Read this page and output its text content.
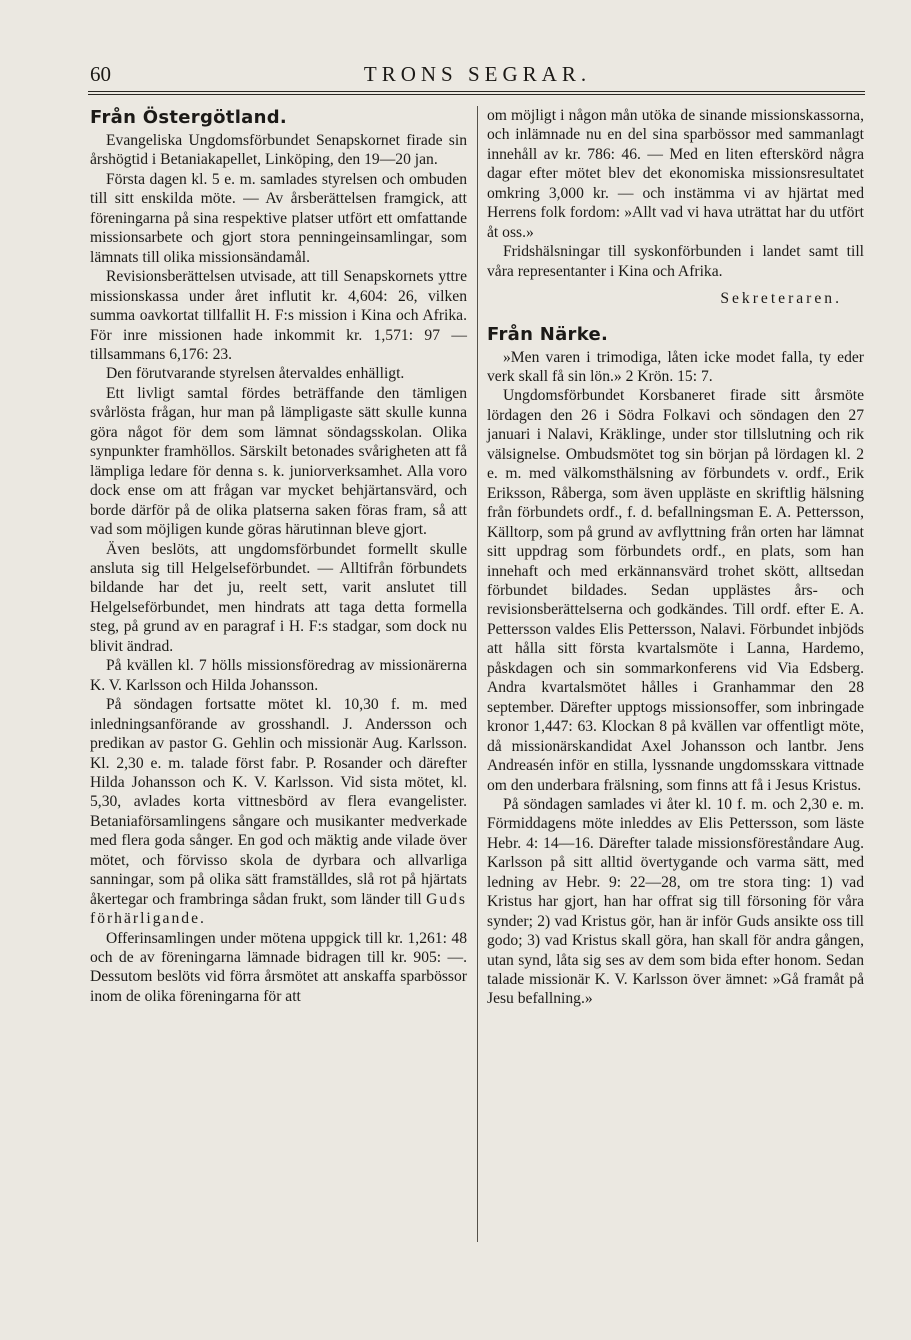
60	TRONS SEGRAR.
Från Östergötland.

Evangeliska Ungdomsförbundet Senapskornet firade sin årshögtid i Betaniakapellet, Linköping, den 19—20 jan.

Första dagen kl. 5 e. m. samlades styrelsen och ombuden till sitt enskilda möte. — Av årsberättelsen framgick, att föreningarna på sina respektive platser utfört ett omfattande missionsarbete och gjort stora penningeinsamlingar, som lämnats till olika missionsändamål.

Revisionsberättelsen utvisade, att till Senapskornets yttre missionskassa under året influtit kr. 4,604: 26, vilken summa oavkortat tillfallit H. F:s mission i Kina och Afrika. För inre missionen hade inkommit kr. 1,571: 97 — tillsammans 6,176: 23.

Den förutvarande styrelsen återvaldes enhälligt.

Ett livligt samtal fördes beträffande den tämligen svårlösta frågan, hur man på lämpligaste sätt skulle kunna göra något för dem som lämnat söndagsskolan. Olika synpunkter framhöllos. Särskilt betonades svårigheten att få lämpliga ledare för denna s. k. juniorverksamhet. Alla voro dock ense om att frågan var mycket behjärtansvärd, och borde därför på de olika platserna saken föras fram, så att vad som möjligen kunde göras härutinnan bleve gjort.

Även beslöts, att ungdomsförbundet formellt skulle ansluta sig till Helgelseförbundet. — Alltifrån förbundets bildande har det ju, reelt sett, varit anslutet till Helgelseförbundet, men hindrats att taga detta formella steg, på grund av en paragraf i H. F:s stadgar, som dock nu blivit ändrad.

På kvällen kl. 7 hölls missionsföredrag av missionärerna K. V. Karlsson och Hilda Johansson.

På söndagen fortsatte mötet kl. 10,30 f. m. med inledningsanförande av grosshandl. J. Andersson och predikan av pastor G. Gehlin och missionär Aug. Karlsson. Kl. 2,30 e. m. talade först fabr. P. Rosander och därefter Hilda Johansson och K. V. Karlsson. Vid sista mötet, kl. 5,30, avlades korta vittnesbörd av flera evangelister. Betaniaförsamlingens sångare och musikanter medverkade med flera goda sånger. En god och mäktig ande vilade över mötet, och förvisso skola de dyrbara och allvarliga sanningar, som på olika sätt framställdes, slå rot på hjärtats åkertegar och frambringa sådan frukt, som länder till Guds förhärligande.

Offerinsamlingen under mötena uppgick till kr. 1,261: 48 och de av föreningarna lämnade bidragen till kr. 905: —. Dessutom beslöts vid förra årsmötet att anskaffa sparbössor inom de olika föreningarna för att

om möjligt i någon mån utöka de sinande missionskassorna, och inlämnade nu en del sina sparbössor med sammanlagt innehåll av kr. 786: 46. — Med en liten efterskörd några dagar efter mötet blev det ekonomiska missionsresultatet omkring 3,000 kr. — och instämma vi av hjärtat med Herrens folk fordom: »Allt vad vi hava uträttat har du utfört åt oss.»

Fridshälsningar till syskonförbunden i landet samt till våra representanter i Kina och Afrika.

Sekreteraren.
Från Närke.

»Men varen i trimodiga, låten icke modet falla, ty eder verk skall få sin lön.» 2 Krön. 15: 7.

Ungdomsförbundet Korsbaneret firade sitt årsmöte lördagen den 26 i Södra Folkavi och söndagen den 27 januari i Nalavi, Kräklinge, under stor tillslutning och rik välsignelse. Ombudsmötet tog sin början på lördagen kl. 2 e. m. med välkomsthälsning av förbundets v. ordf., Erik Eriksson, Råberga, som även uppläste en skriftlig hälsning från förbundets ordf., f. d. befallningsman E. A. Pettersson, Källtorp, som på grund av avflyttning från orten har lämnat sitt uppdrag som förbundets ordf., en plats, som han innehaft och med erkännansvärd trohet skött, alltsedan förbundet bildades. Sedan upplästes års- och revisionsberättelserna och godkändes. Till ordf. efter E. A. Pettersson valdes Elis Pettersson, Nalavi. Förbundet inbjöds att hålla sitt första kvartalsmöte i Lanna, Hardemo, påskdagen och sin sommarkonferens vid Via Edsberg. Andra kvartalsmötet hålles i Granhammar den 28 september. Därefter upptogs missionsoffer, som inbringade kronor 1,447: 63. Klockan 8 på kvällen var offentligt möte, då missionärskandidat Axel Johansson och lantbr. Jens Andreasén inför en stilla, lyssnande ungdomsskara vittnade om den underbara frälsning, som finns att få i Jesus Kristus.

På söndagen samlades vi åter kl. 10 f. m. och 2,30 e. m. Förmiddagens möte inleddes av Elis Pettersson, som läste Hebr. 4: 14—16. Därefter talade missionsföreståndare Aug. Karlsson på sitt alltid övertygande och varma sätt, med ledning av Hebr. 9: 22—28, om tre stora ting: 1) vad Kristus har gjort, han har offrat sig till försoning för våra synder; 2) vad Kristus gör, han är inför Guds ansikte oss till godo; 3) vad Kristus skall göra, han skall för andra gången, utan synd, låta sig ses av dem som bida efter honom. Sedan talade missionär K. V. Karlsson över ämnet: »Gå framåt på Jesu befallning.»
